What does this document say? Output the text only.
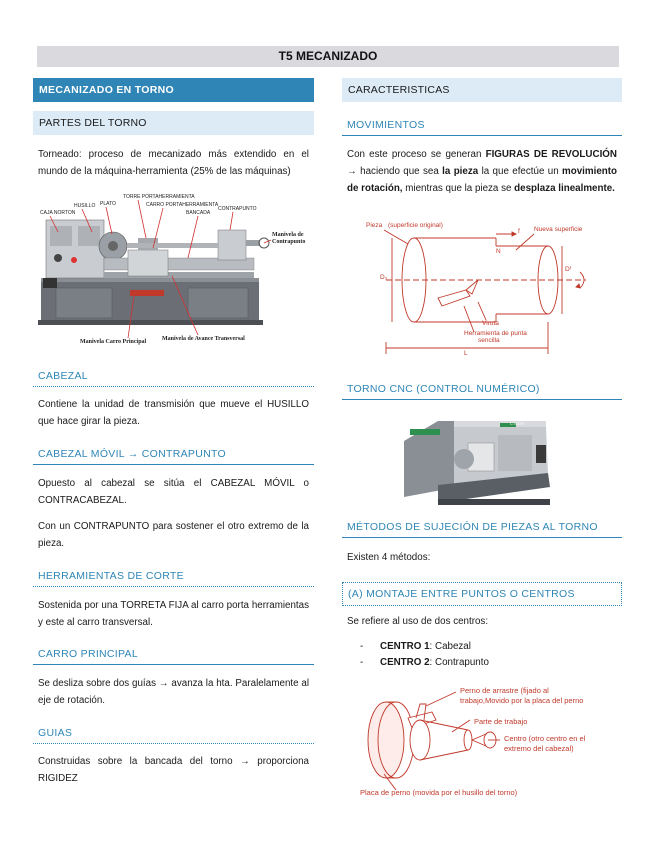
T5 MECANIZADO
MECANIZADO EN TORNO
PARTES DEL TORNO
Torneado: proceso de mecanizado más extendido en el mundo de la máquina-herramienta (25% de las máquinas)
CAJA NORTON
HUSILLO PLATO
TORRE PORTAHERRAMIENTA
CARRO PORTAHERRAMIENTA
BANCADA
CONTRAPUNTO
Manivela de Contrapunto
Manivela Carro Principal	Manivela de Avance Transversal
CABEZAL
Contiene la unidad de transmisión que mueve el HUSILLO que hace girar la pieza.
CABEZAL MÓVIL → CONTRAPUNTO
Opuesto al cabezal se sitúa el CABEZAL MÓVIL o CONTRACABEZAL.
Con un CONTRAPUNTO para sostener el otro extremo de la pieza.
HERRAMIENTAS DE CORTE
Sostenida por una TORRETA FIJA al carro porta herramientas y este al carro transversal.
CARRO PRINCIPAL
Se desliza sobre dos guías → avanza la hta. Paralelamente al eje de rotación.
GUIAS
Construidas sobre la bancada del torno → proporciona RIGIDEZ
CARACTERISTICAS
MOVIMIENTOS
Con este proceso se generan FIGURAS DE REVOLUCIÓN → haciendo que sea la pieza la que efectúe un movimiento de rotación, mientras que la pieza se desplaza linealmente.
Pieza (superficie original)
Nueva superficie
Viruta
Herramienta de punta
sencilla
D₀
Dᶠ
N
f
L
TORNO CNC (CONTROL NUMÉRICO)
CTECH
MÉTODOS DE SUJECIÓN DE PIEZAS AL TORNO
Existen 4 métodos:
(A) MONTAJE ENTRE PUNTOS O CENTROS
Se refiere al uso de dos centros:
- CENTRO 1: Cabezal
- CENTRO 2: Contrapunto
Perno de arrastre (fijado al
trabajo,Movido por la placa del perno
Parte de trabajo
Centro (otro centro en el
extremo del cabezal)
Placa de perno (movida por el husillo del torno)
